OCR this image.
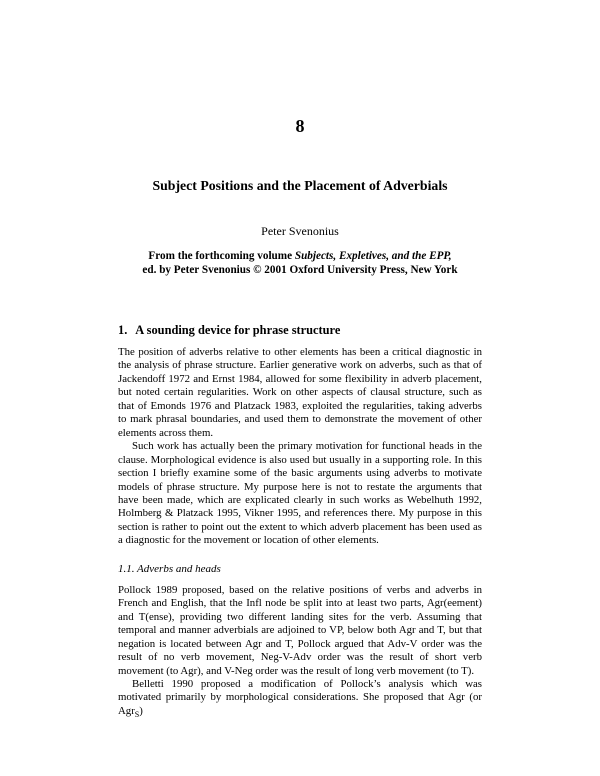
8
Subject Positions and the Placement of Adverbials
Peter Svenonius
From the forthcoming volume Subjects, Expletives, and the EPP,
ed. by Peter Svenonius © 2001 Oxford University Press, New York
1. A sounding device for phrase structure

The position of adverbs relative to other elements has been a critical diagnostic in the analysis of phrase structure. Earlier generative work on adverbs, such as that of Jackendoff 1972 and Ernst 1984, allowed for some flexibility in adverb placement, but noted certain regularities. Work on other aspects of clausal structure, such as that of Emonds 1976 and Platzack 1983, exploited the regularities, taking adverbs to mark phrasal boundaries, and used them to demonstrate the movement of other elements across them.

Such work has actually been the primary motivation for functional heads in the clause. Morphological evidence is also used but usually in a supporting role. In this section I briefly examine some of the basic arguments using adverbs to motivate models of phrase structure. My purpose here is not to restate the arguments that have been made, which are explicated clearly in such works as Webelhuth 1992, Holmberg & Platzack 1995, Vikner 1995, and references there. My purpose in this section is rather to point out the extent to which adverb placement has been used as a diagnostic for the movement or location of other elements.

1.1. Adverbs and heads

Pollock 1989 proposed, based on the relative positions of verbs and adverbs in French and English, that the Infl node be split into at least two parts, Agr(eement) and T(ense), providing two different landing sites for the verb. Assuming that temporal and manner adverbials are adjoined to VP, below both Agr and T, but that negation is located between Agr and T, Pollock argued that Adv-V order was the result of no verb movement, Neg-V-Adv order was the result of short verb movement (to Agr), and V-Neg order was the result of long verb movement (to T).

Belletti 1990 proposed a modification of Pollock’s analysis which was motivated primarily by morphological considerations. She proposed that Agr (or Agr$_S$)
